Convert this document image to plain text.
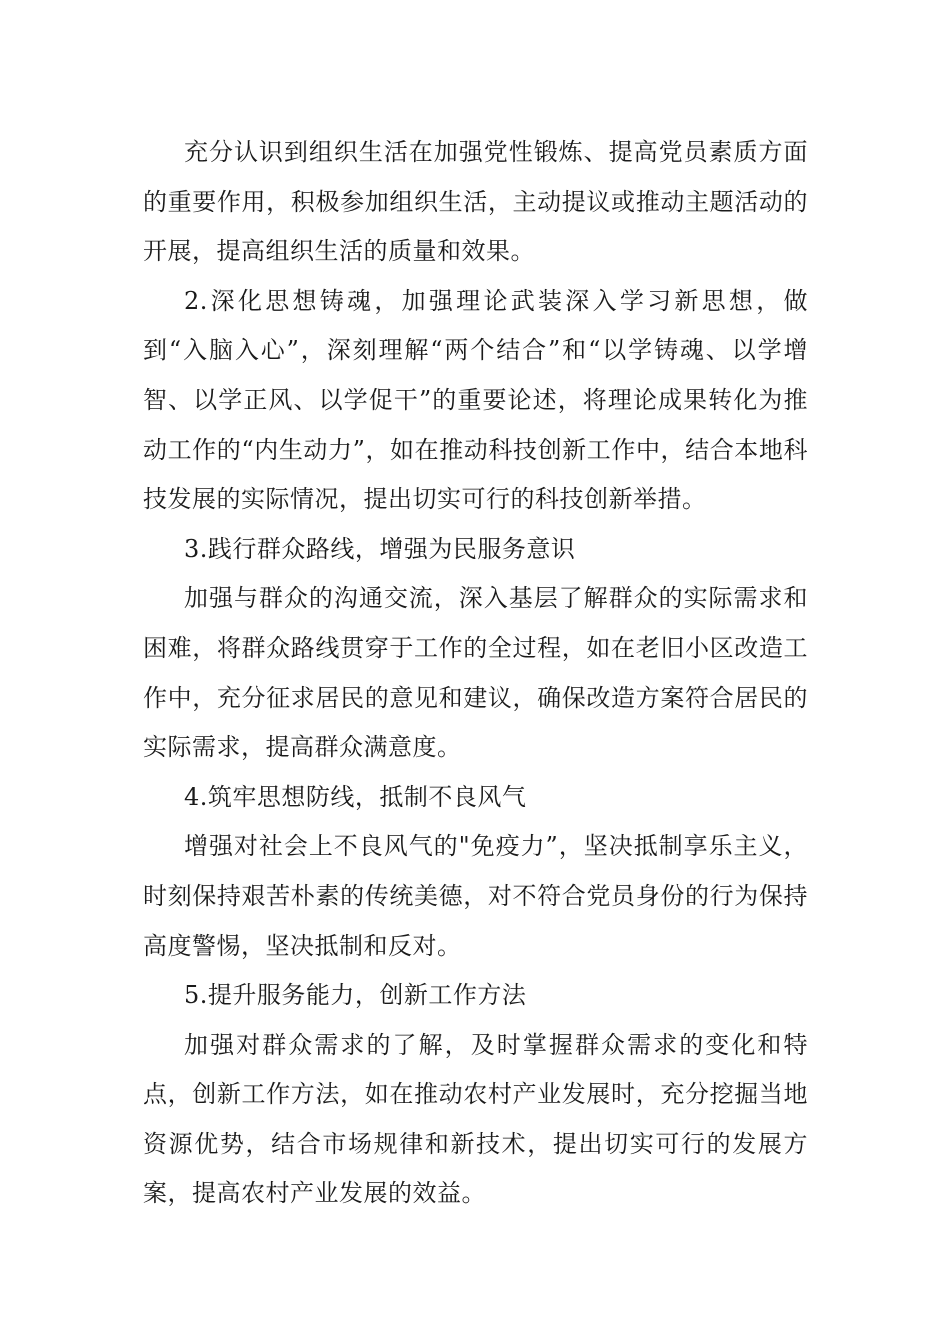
充分认识到组织生活在加强党性锻炼、提高党员素质方面的重要作用，积极参加组织生活，主动提议或推动主题活动的开展，提高组织生活的质量和效果。

2.深化思想铸魂，加强理论武装深入学习新思想，做到“入脑入心”，深刻理解“两个结合”和“以学铸魂、以学增智、以学正风、以学促干”的重要论述，将理论成果转化为推动工作的“内生动力”，如在推动科技创新工作中，结合本地科技发展的实际情况，提出切实可行的科技创新举措。

3.践行群众路线，增强为民服务意识

加强与群众的沟通交流，深入基层了解群众的实际需求和困难，将群众路线贯穿于工作的全过程，如在老旧小区改造工作中，充分征求居民的意见和建议，确保改造方案符合居民的实际需求，提高群众满意度。

4.筑牢思想防线，抵制不良风气

增强对社会上不良风气的"免疫力”，坚决抵制享乐主义，时刻保持艰苦朴素的传统美德，对不符合党员身份的行为保持高度警惕，坚决抵制和反对。

5.提升服务能力，创新工作方法

加强对群众需求的了解，及时掌握群众需求的变化和特点，创新工作方法，如在推动农村产业发展时，充分挖掘当地资源优势，结合市场规律和新技术，提出切实可行的发展方案，提高农村产业发展的效益。
